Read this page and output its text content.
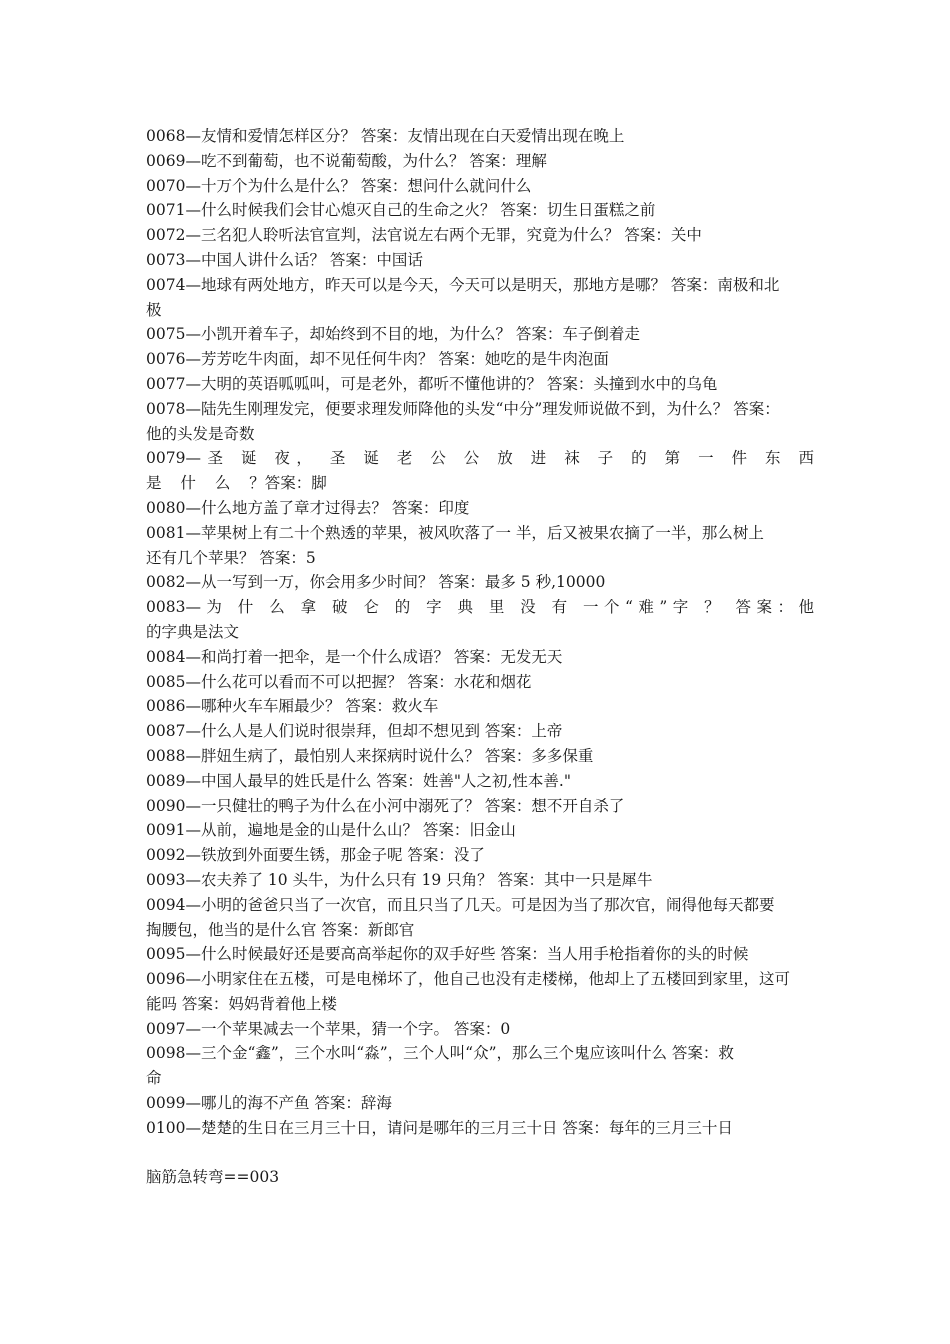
0068—友情和爱情怎样区分？ 答案：友情出现在白天爱情出现在晚上
0069—吃不到葡萄，也不说葡萄酸，为什么？ 答案：理解
0070—十万个为什么是什么？ 答案：想问什么就问什么
0071—什么时候我们会甘心熄灭自己的生命之火？ 答案：切生日蛋糕之前
0072—三名犯人聆听法官宣判，法官说左右两个无罪，究竟为什么？ 答案：关中
0073—中国人讲什么话？ 答案：中国话
0074—地球有两处地方，昨天可以是今天，今天可以是明天，那地方是哪？ 答案：南极和北
极
0075—小凯开着车子，却始终到不目的地，为什么？ 答案：车子倒着走
0076—芳芳吃牛肉面，却不见任何牛肉？ 答案：她吃的是牛肉泡面
0077—大明的英语呱呱叫，可是老外，都听不懂他讲的？ 答案：头撞到水中的乌龟
0078—陆先生刚理发完，便要求理发师降他的头发“中分”理发师说做不到，为什么？ 答案：
他的头发是奇数
0079—圣 诞 夜， 圣 诞 老 公 公 放 进 袜 子 的 第 一 件 东 西
是 什 么 ？答案：脚
0080—什么地方盖了章才过得去？ 答案：印度
0081—苹果树上有二十个熟透的苹果，被风吹落了一 半，后又被果农摘了一半，那么树上
还有几个苹果？ 答案：5
0082—从一写到一万，你会用多少时间？ 答案：最多 5 秒,10000
0083—为 什 么 拿 破 仑 的 字 典 里 没 有 一个“难”字 ？ 答案：他
的字典是法文
0084—和尚打着一把伞，是一个什么成语？ 答案：无发无天
0085—什么花可以看而不可以把握？ 答案：水花和烟花
0086—哪种火车车厢最少？ 答案：救火车
0087—什么人是人们说时很崇拜，但却不想见到 答案：上帝
0088—胖妞生病了，最怕别人来探病时说什么？ 答案：多多保重
0089—中国人最早的姓氏是什么 答案：姓善"人之初,性本善."
0090—一只健壮的鸭子为什么在小河中溺死了？ 答案：想不开自杀了
0091—从前，遍地是金的山是什么山？ 答案：旧金山
0092—铁放到外面要生锈，那金子呢 答案：没了
0093—农夫养了 10 头牛，为什么只有 19 只角？ 答案：其中一只是犀牛
0094—小明的爸爸只当了一次官，而且只当了几天。可是因为当了那次官，闹得他每天都要
掏腰包，他当的是什么官 答案：新郎官
0095—什么时候最好还是要高高举起你的双手好些 答案：当人用手枪指着你的头的时候
0096—小明家住在五楼，可是电梯坏了，他自己也没有走楼梯，他却上了五楼回到家里，这可
能吗 答案：妈妈背着他上楼
0097—一个苹果减去一个苹果，猜一个字。 答案：0
0098—三个金“鑫”，三个水叫“淼”，三个人叫“众”，那么三个鬼应该叫什么 答案：救
命
0099—哪儿的海不产鱼 答案：辞海
0100—楚楚的生日在三月三十日，请问是哪年的三月三十日 答案：每年的三月三十日
脑筋急转弯==003
